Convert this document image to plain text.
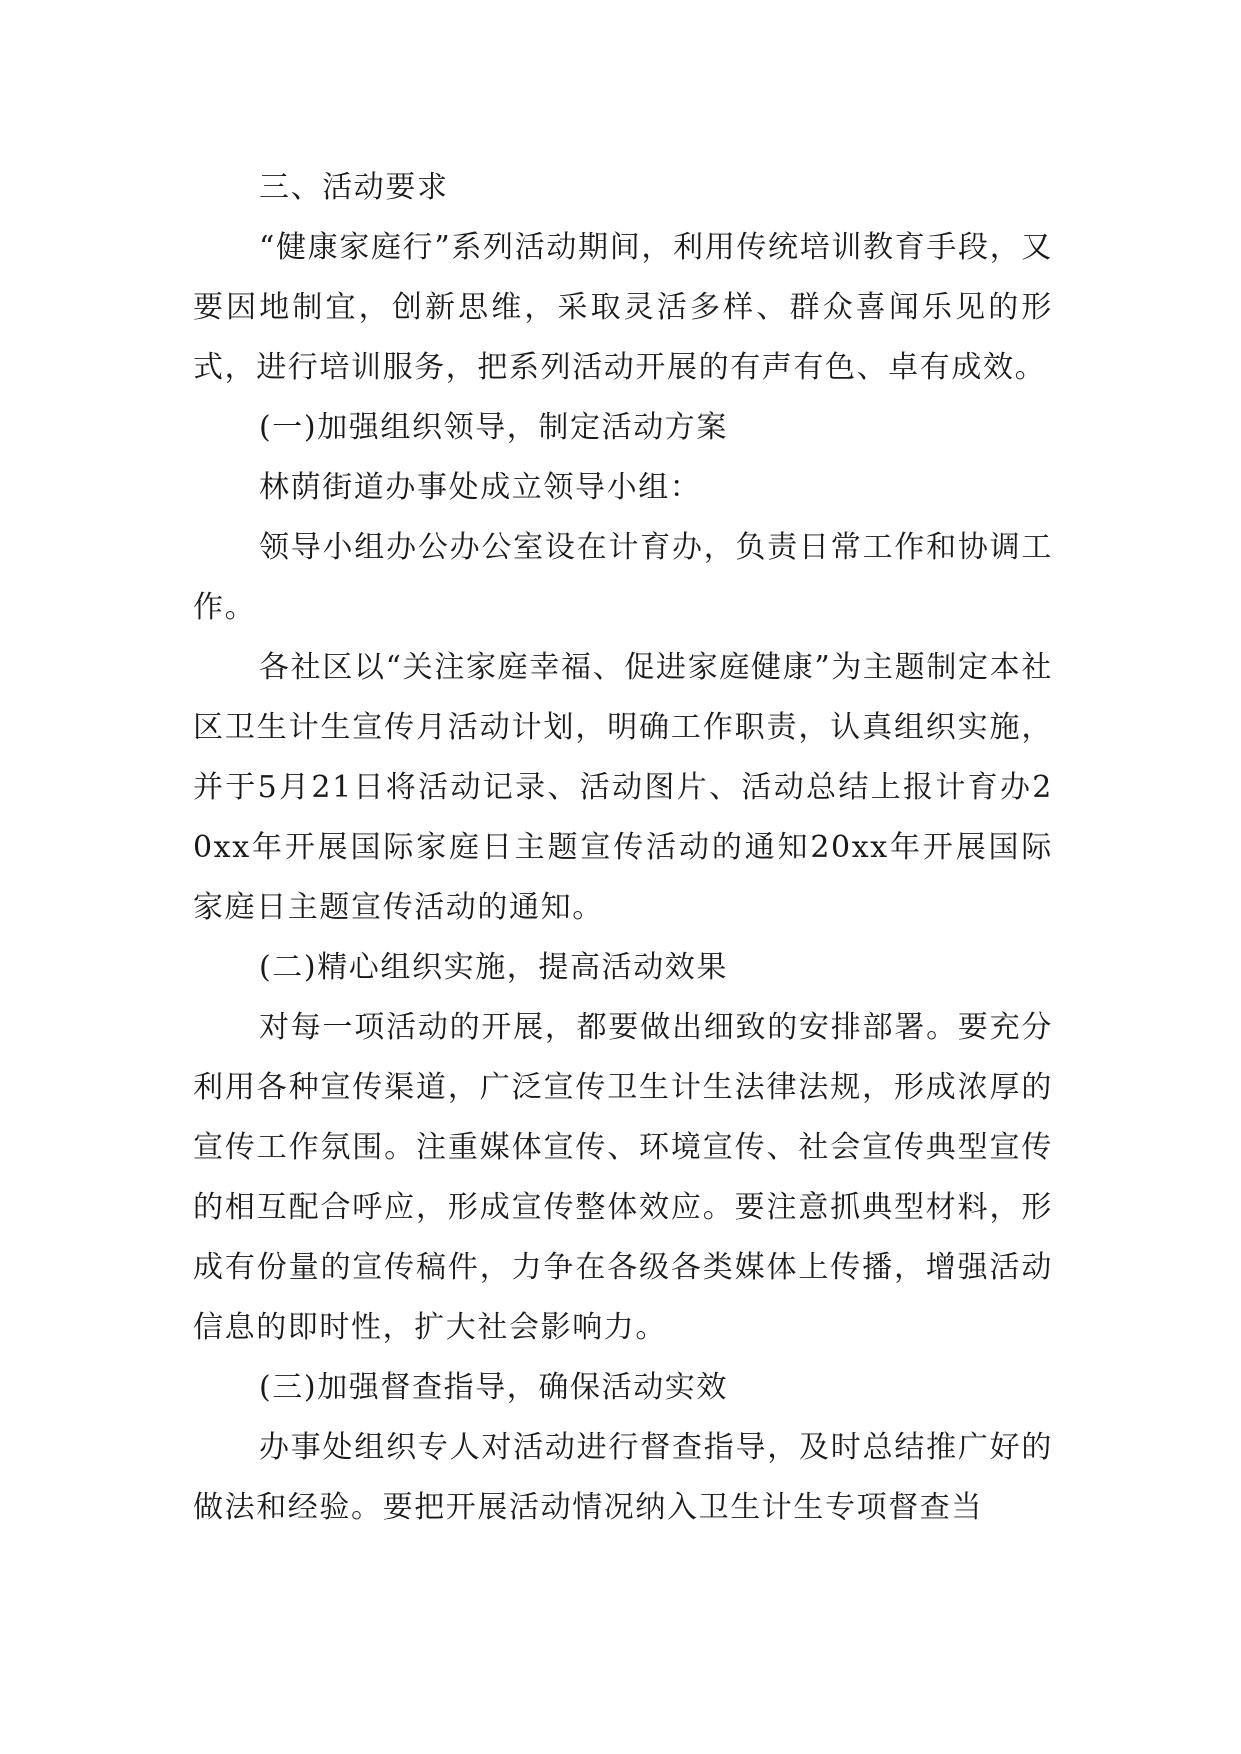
三、活动要求

“健康家庭行”系列活动期间，利用传统培训教育手段，又要因地制宜，创新思维，采取灵活多样、群众喜闻乐见的形式，进行培训服务，把系列活动开展的有声有色、卓有成效。

(一)加强组织领导，制定活动方案

林荫街道办事处成立领导小组：

领导小组办公办公室设在计育办，负责日常工作和协调工作。

各社区以“关注家庭幸福、促进家庭健康”为主题制定本社区卫生计生宣传月活动计划，明确工作职责，认真组织实施，并于5月21日将活动记录、活动图片、活动总结上报计育办20xx年开展国际家庭日主题宣传活动的通知20xx年开展国际家庭日主题宣传活动的通知。

(二)精心组织实施，提高活动效果

对每一项活动的开展，都要做出细致的安排部署。要充分利用各种宣传渠道，广泛宣传卫生计生法律法规，形成浓厚的宣传工作氛围。注重媒体宣传、环境宣传、社会宣传典型宣传的相互配合呼应，形成宣传整体效应。要注意抓典型材料，形成有份量的宣传稿件，力争在各级各类媒体上传播，增强活动信息的即时性，扩大社会影响力。

(三)加强督查指导，确保活动实效

办事处组织专人对活动进行督查指导，及时总结推广好的做法和经验。要把开展活动情况纳入卫生计生专项督查当
